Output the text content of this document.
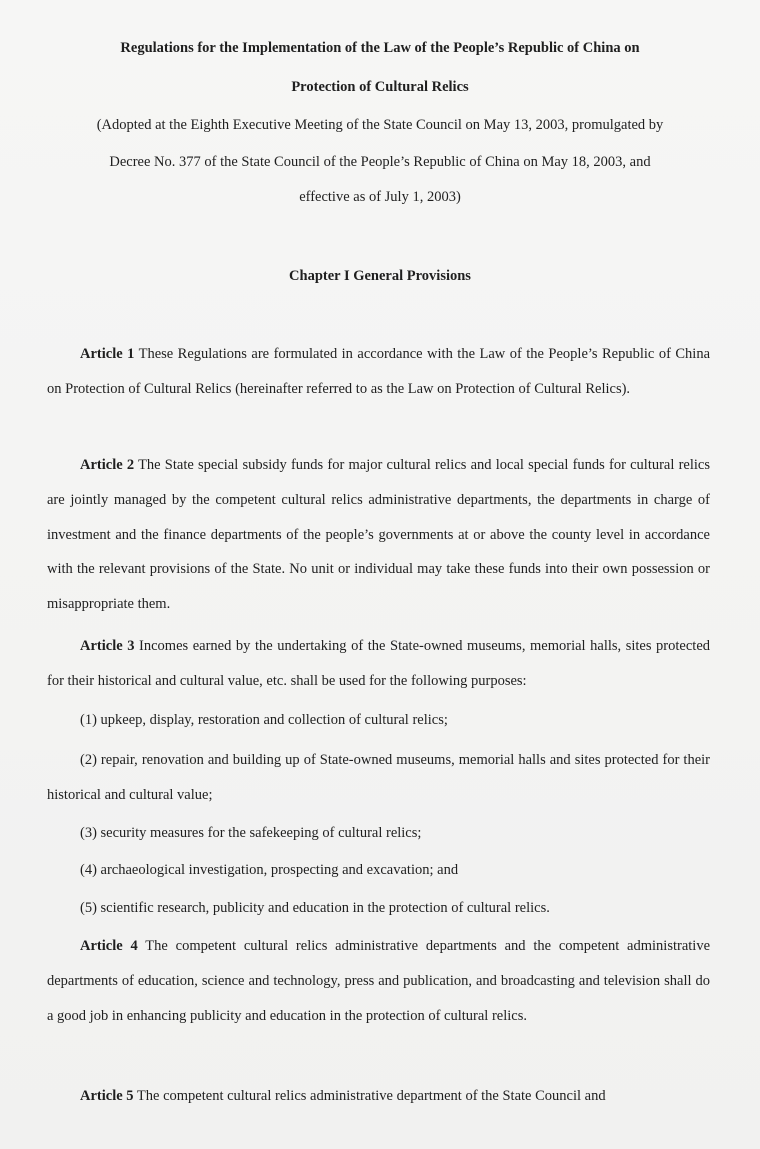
Regulations for the Implementation of the Law of the People’s Republic of China on
Protection of Cultural Relics
(Adopted at the Eighth Executive Meeting of the State Council on May 13, 2003, promulgated by
Decree No. 377 of the State Council of the People’s Republic of China on May 18, 2003, and
effective as of July 1, 2003)
Chapter I General Provisions

Article 1 These Regulations are formulated in accordance with the Law of the People’s Republic of China on Protection of Cultural Relics (hereinafter referred to as the Law on Protection of Cultural Relics).

Article 2 The State special subsidy funds for major cultural relics and local special funds for cultural relics are jointly managed by the competent cultural relics administrative departments, the departments in charge of investment and the finance departments of the people’s governments at or above the county level in accordance with the relevant provisions of the State. No unit or individual may take these funds into their own possession or misappropriate them.

Article 3 Incomes earned by the undertaking of the State-owned museums, memorial halls, sites protected for their historical and cultural value, etc. shall be used for the following purposes:

(1) upkeep, display, restoration and collection of cultural relics;

(2) repair, renovation and building up of State-owned museums, memorial halls and sites protected for their historical and cultural value;

(3) security measures for the safekeeping of cultural relics;

(4) archaeological investigation, prospecting and excavation; and

(5) scientific research, publicity and education in the protection of cultural relics.

Article 4 The competent cultural relics administrative departments and the competent administrative departments of education, science and technology, press and publication, and broadcasting and television shall do a good job in enhancing publicity and education in the protection of cultural relics.

Article 5 The competent cultural relics administrative department of the State Council and
